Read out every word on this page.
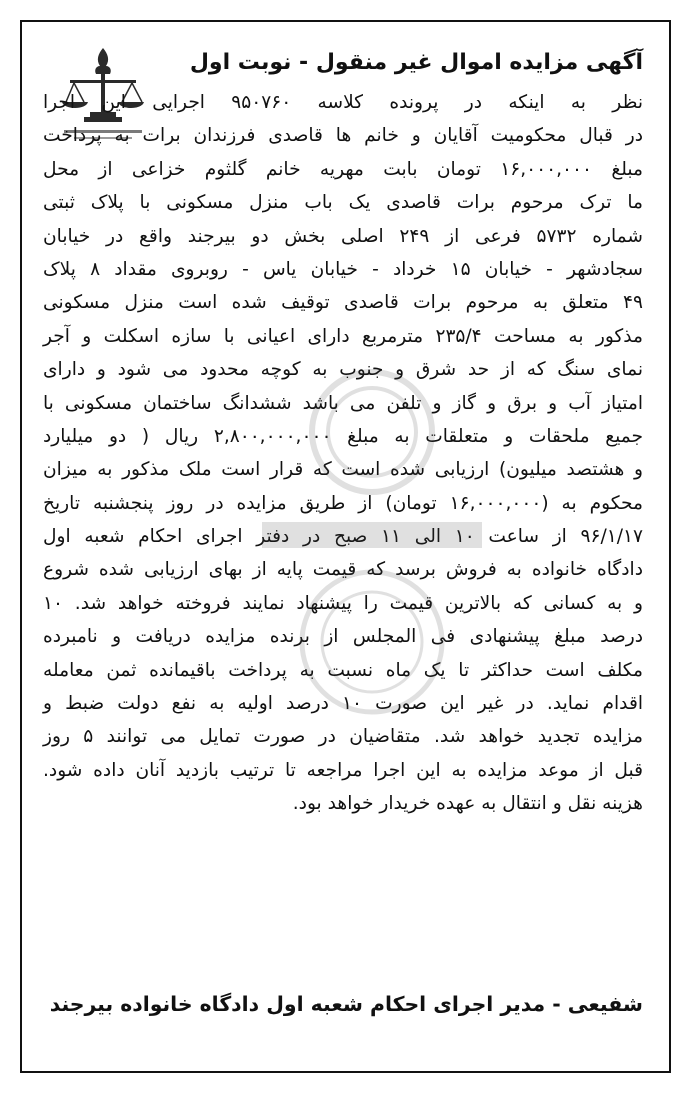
آگهی مزایده اموال غیر منقول - نوبت اول
نظر به اینکه در پرونده کلاسه ۹۵۰۷۶۰ اجرایی این اجرا
در قبال محکومیت آقایان و خانم ها قاصدی فرزندان برات به پرداخت
مبلغ ۱۶,۰۰۰,۰۰۰ تومان بابت مهریه خانم گلثوم خزاعی از محل
ما ترک مرحوم برات قاصدی یک باب منزل مسکونی با پلاک ثبتی
شماره ۵۷۳۲ فرعی از ۲۴۹ اصلی بخش دو بیرجند واقع در خیابان
سجادشهر - خیابان ۱۵ خرداد - خیابان یاس - روبروی مقداد ۸ پلاک
۴۹ متعلق به مرحوم برات قاصدی توقیف شده است منزل مسکونی
مذکور به مساحت ۲۳۵/۴ مترمربع دارای اعیانی با سازه اسکلت و آجر
نمای سنگ که از حد شرق و جنوب به کوچه محدود می شود و دارای
امتیاز آب و برق و گاز و تلفن می باشد ششدانگ ساختمان مسکونی با
جمیع ملحقات و متعلقات به مبلغ ۲,۸۰۰,۰۰۰,۰۰۰ ریال ( دو میلیارد
و هشتصد میلیون) ارزیابی شده است که قرار است ملک مذکور به میزان
محکوم به (۱۶,۰۰۰,۰۰۰ تومان) از طریق مزایده در روز پنجشنبه تاریخ
۹۶/۱/۱۷ از ساعت ۱۰ الی ۱۱ صبح در دفتر اجرای احکام شعبه اول
دادگاه خانواده به فروش برسد که قیمت پایه از بهای ارزیابی شده شروع
و به کسانی که بالاترین قیمت را پیشنهاد نمایند فروخته خواهد شد. ۱۰
درصد مبلغ پیشنهادی فی المجلس از برنده مزایده دریافت و نامبرده
مکلف است حداکثر تا یک ماه نسبت به پرداخت باقیمانده ثمن معامله
اقدام نماید. در غیر این صورت ۱۰ درصد اولیه به نفع دولت ضبط و
مزایده تجدید خواهد شد. متقاضیان در صورت تمایل می توانند ۵ روز
قبل از موعد مزایده به این اجرا مراجعه تا ترتیب بازدید آنان داده شود.
هزینه نقل و انتقال به عهده خریدار خواهد بود.
شفیعی - مدیر اجرای احکام شعبه اول دادگاه خانواده بیرجند
